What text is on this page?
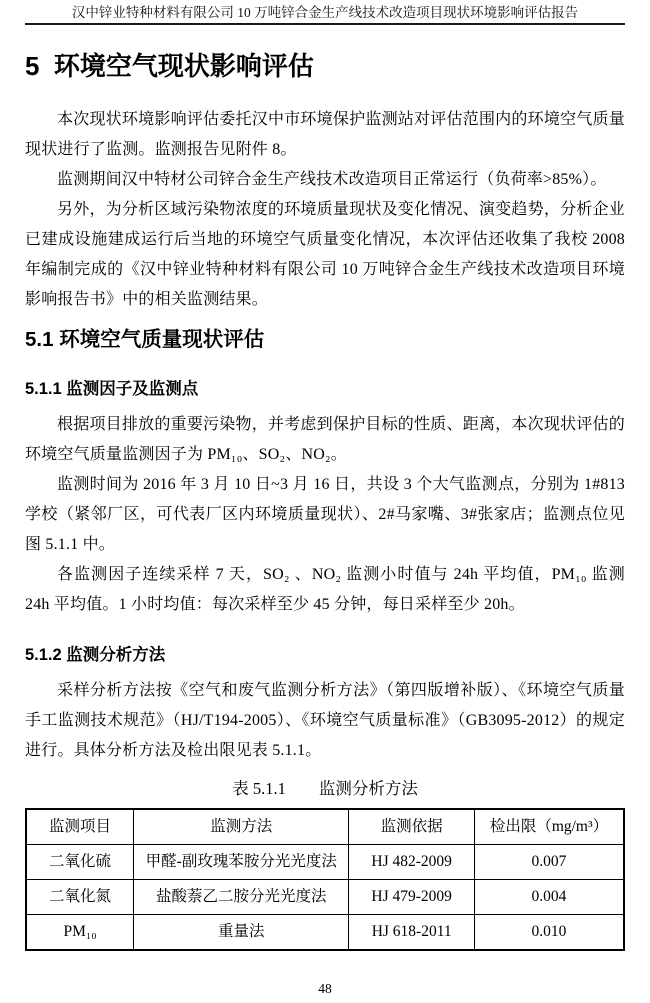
汉中锌业特种材料有限公司 10 万吨锌合金生产线技术改造项目现状环境影响评估报告
5  环境空气现状影响评估

本次现状环境影响评估委托汉中市环境保护监测站对评估范围内的环境空气质量现状进行了监测。监测报告见附件 8。

监测期间汉中特材公司锌合金生产线技术改造项目正常运行（负荷率>85%）。

另外，为分析区域污染物浓度的环境质量现状及变化情况、演变趋势，分析企业已建成设施建成运行后当地的环境空气质量变化情况，本次评估还收集了我校 2008 年编制完成的《汉中锌业特种材料有限公司 10 万吨锌合金生产线技术改造项目环境影响报告书》中的相关监测结果。

5.1 环境空气质量现状评估
5.1.1 监测因子及监测点

根据项目排放的重要污染物，并考虑到保护目标的性质、距离，本次现状评估的环境空气质量监测因子为 PM₁₀、SO₂、NO₂。

监测时间为 2016 年 3 月 10 日~3 月 16 日，共设 3 个大气监测点，分别为 1#813 学校（紧邻厂区，可代表厂区内环境质量现状）、2#马家嘴、3#张家店；监测点位见图 5.1.1 中。

各监测因子连续采样 7 天，SO₂ 、NO₂ 监测小时值与 24h 平均值，PM₁₀ 监测 24h 平均值。1 小时均值：每次采样至少 45 分钟，每日采样至少 20h。

5.1.2 监测分析方法

采样分析方法按《空气和废气监测分析方法》（第四版增补版）、《环境空气质量手工监测技术规范》（HJ/T194-2005）、《环境空气质量标准》（GB3095-2012）的规定进行。具体分析方法及检出限见表 5.1.1。

表 5.1.1　　监测分析方法
监测项目	监测方法	监测依据	检出限（mg/m³）
二氧化硫	甲醛-副玫瑰苯胺分光光度法	HJ 482-2009	0.007
二氧化氮	盐酸萘乙二胺分光光度法	HJ 479-2009	0.004
PM₁₀	重量法	HJ 618-2011	0.010
48
